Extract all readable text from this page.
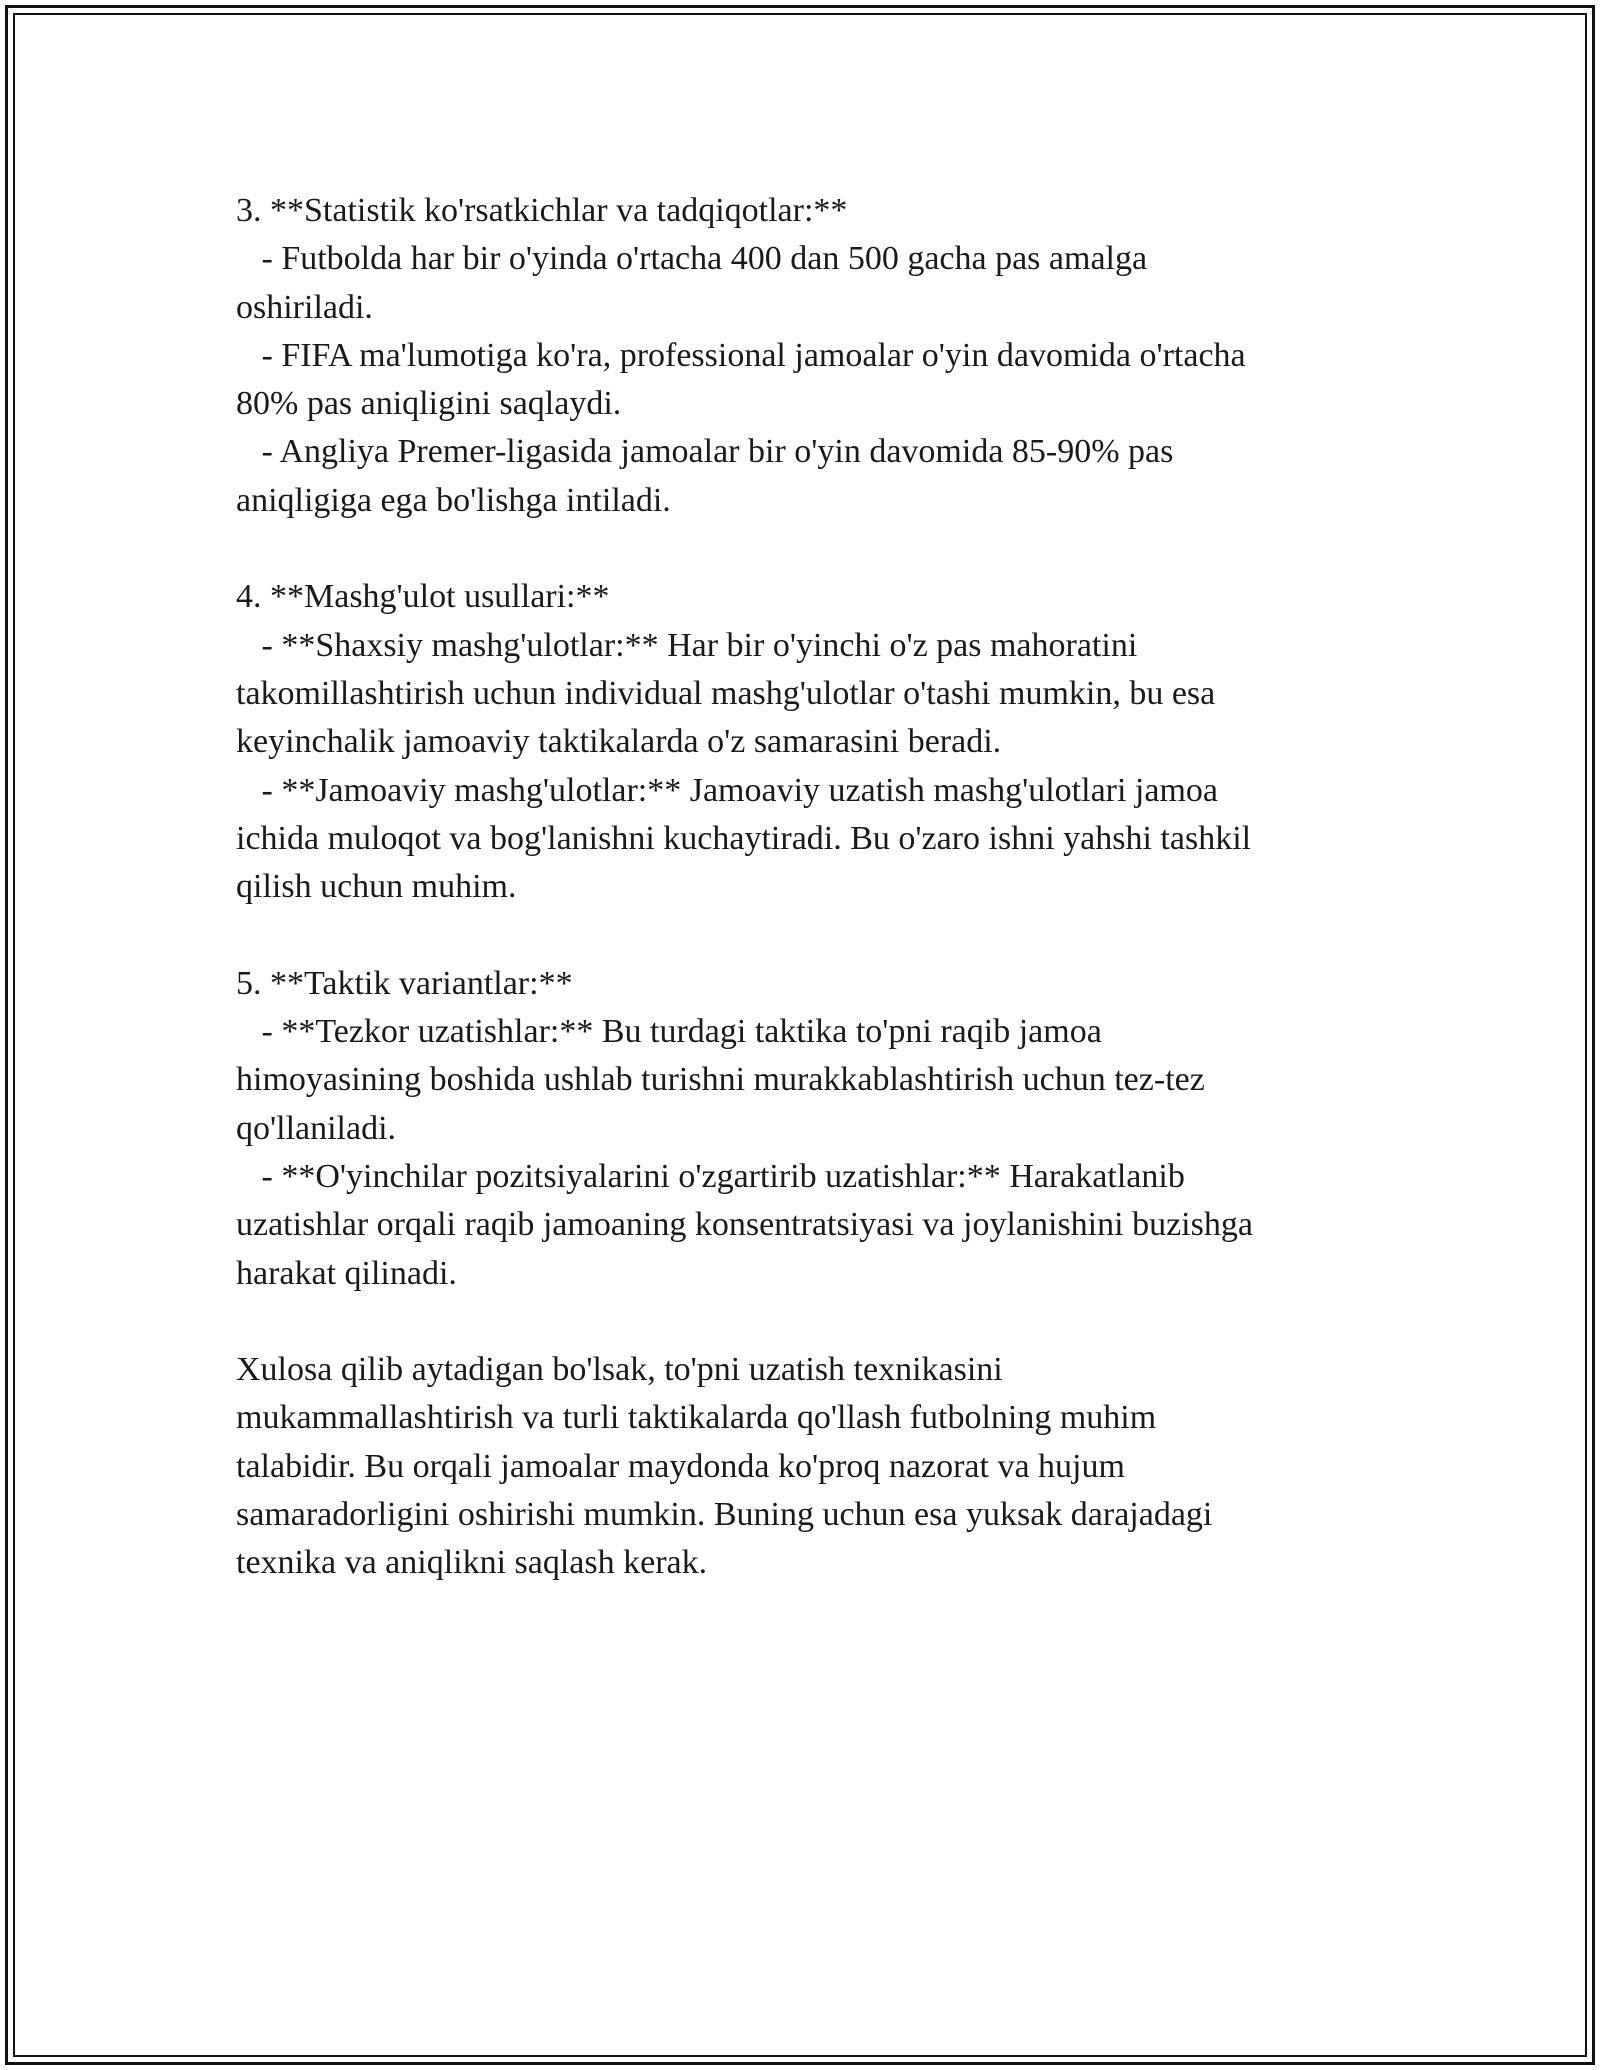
3. **Statistik ko'rsatkichlar va tadqiqotlar:**
- Futbolda har bir o'yinda o'rtacha 400 dan 500 gacha pas amalga
oshiriladi.
- FIFA ma'lumotiga ko'ra, professional jamoalar o'yin davomida o'rtacha
80% pas aniqligini saqlaydi.
- Angliya Premer-ligasida jamoalar bir o'yin davomida 85-90% pas
aniqligiga ega bo'lishga intiladi.
4. **Mashg'ulot usullari:**
- **Shaxsiy mashg'ulotlar:** Har bir o'yinchi o'z pas mahoratini
takomillashtirish uchun individual mashg'ulotlar o'tashi mumkin, bu esa
keyinchalik jamoaviy taktikalarda o'z samarasini beradi.
- **Jamoaviy mashg'ulotlar:** Jamoaviy uzatish mashg'ulotlari jamoa
ichida muloqot va bog'lanishni kuchaytiradi. Bu o'zaro ishni yahshi tashkil
qilish uchun muhim.
5. **Taktik variantlar:**
- **Tezkor uzatishlar:** Bu turdagi taktika to'pni raqib jamoa
himoyasining boshida ushlab turishni murakkablashtirish uchun tez-tez
qo'llaniladi.
- **O'yinchilar pozitsiyalarini o'zgartirib uzatishlar:** Harakatlanib
uzatishlar orqali raqib jamoaning konsentratsiyasi va joylanishini buzishga
harakat qilinadi.
Xulosa qilib aytadigan bo'lsak, to'pni uzatish texnikasini
mukammallashtirish va turli taktikalarda qo'llash futbolning muhim
talabidir. Bu orqali jamoalar maydonda ko'proq nazorat va hujum
samaradorligini oshirishi mumkin. Buning uchun esa yuksak darajadagi
texnika va aniqlikni saqlash kerak.
